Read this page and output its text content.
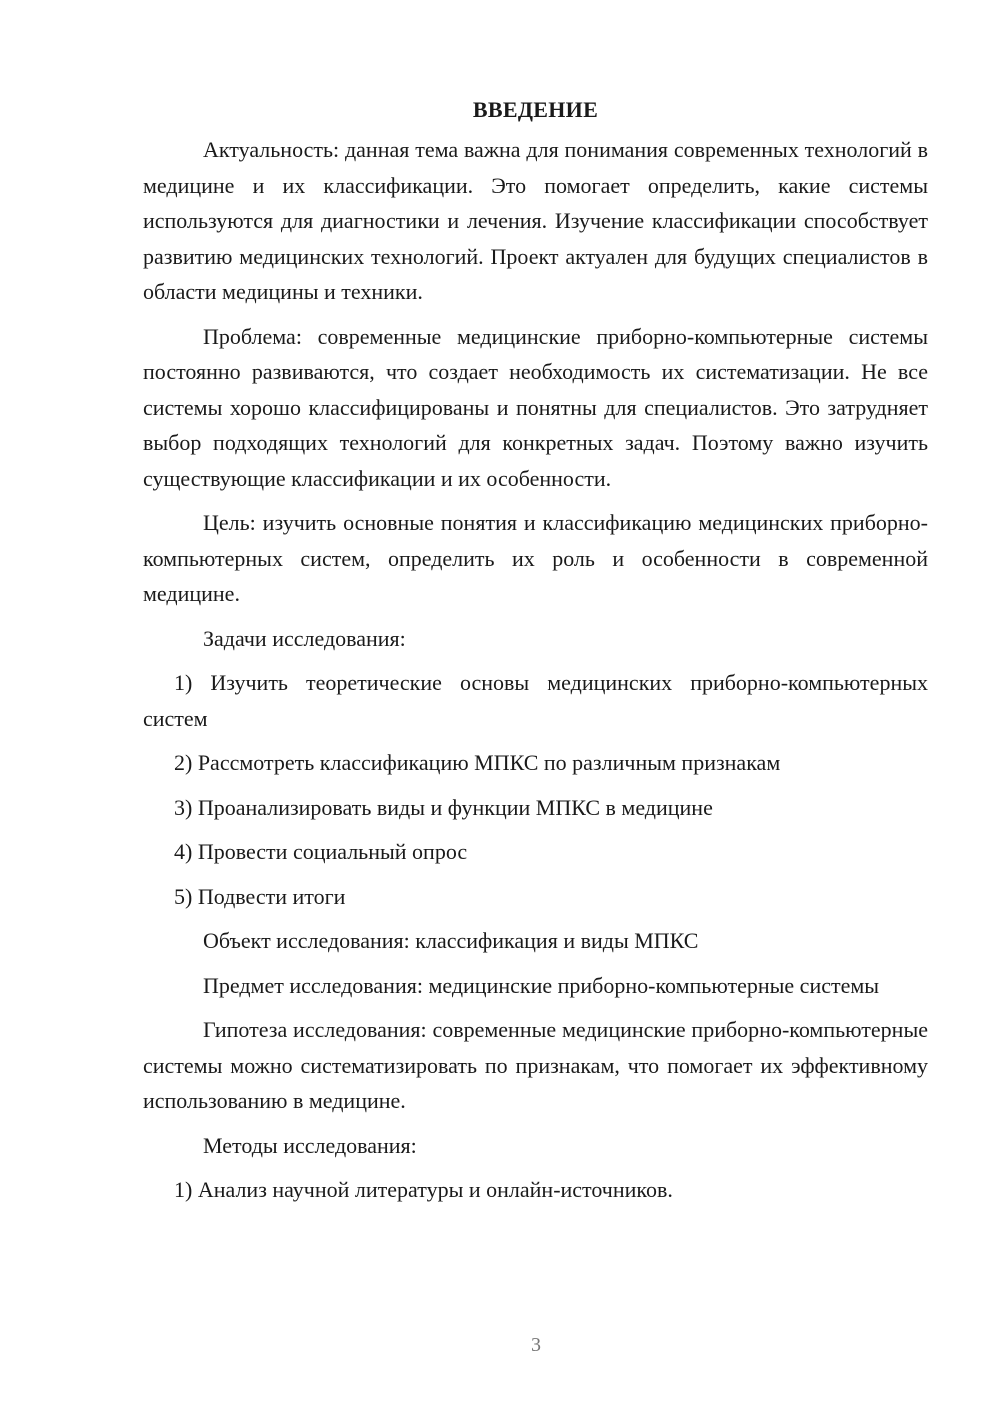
ВВЕДЕНИЕ

Актуальность: данная тема важна для понимания современных технологий в медицине и их классификации. Это помогает определить, какие системы используются для диагностики и лечения. Изучение классификации способствует развитию медицинских технологий. Проект актуален для будущих специалистов в области медицины и техники.

Проблема: современные медицинские приборно-компьютерные системы постоянно развиваются, что создает необходимость их систематизации. Не все системы хорошо классифицированы и понятны для специалистов. Это затрудняет выбор подходящих технологий для конкретных задач. Поэтому важно изучить существующие классификации и их особенности.

Цель: изучить основные понятия и классификацию медицинских приборно-компьютерных систем, определить их роль и особенности в современной медицине.

Задачи исследования:

1) Изучить теоретические основы медицинских приборно-компьютерных систем

2) Рассмотреть классификацию МПКС по различным признакам

3) Проанализировать виды и функции МПКС в медицине

4) Провести социальный опрос

5) Подвести итоги

Объект исследования: классификация и виды МПКС

Предмет исследования: медицинские приборно-компьютерные системы

Гипотеза исследования: современные медицинские приборно-компьютерные системы можно систематизировать по признакам, что помогает их эффективному использованию в медицине.

Методы исследования:

1) Анализ научной литературы и онлайн-источников.

3
